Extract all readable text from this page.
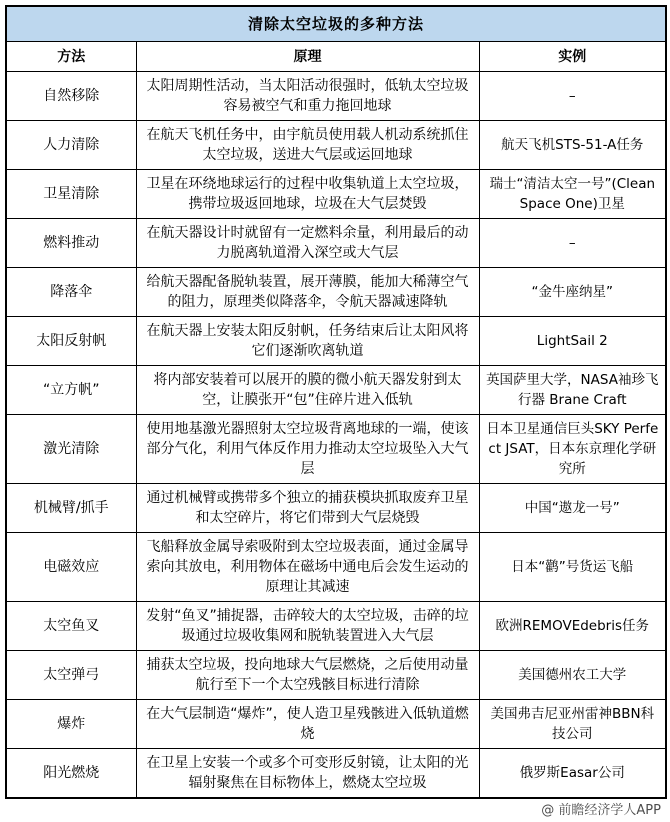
清除太空垃圾的多种方法		
方法	原理	实例
自然移除	太阳周期性活动，当太阳活动很强时，低轨太空垃圾容易被空气和重力拖回地球	–
人力清除	在航天飞机任务中，由宇航员使用载人机动系统抓住太空垃圾，送进大气层或运回地球	航天飞机STS-51-A任务
卫星清除	卫星在环绕地球运行的过程中收集轨道上太空垃圾，携带垃圾返回地球，垃圾在大气层焚毁	瑞士“清洁太空一号”(CleanSpace One)卫星
燃料推动	在航天器设计时就留有一定燃料余量，利用最后的动力脱离轨道滑入深空或大气层	–
降落伞	给航天器配备脱轨装置，展开薄膜，能加大稀薄空气的阻力，原理类似降落伞，令航天器减速降轨	“金牛座纳星”
太阳反射帆	在航天器上安装太阳反射帆，任务结束后让太阳风将它们逐渐吹离轨道	LightSail 2
“立方帆”	将内部安装着可以展开的膜的微小航天器发射到太空，让膜张开“包”住碎片进入低轨	英国萨里大学，NASA袖珍飞行器 Brane Craft
激光清除	使用地基激光器照射太空垃圾背离地球的一端，使该部分气化，利用气体反作用力推动太空垃圾坠入大气层	日本卫星通信巨头SKY Perfect JSAT，日本东京理化学研究所
机械臂/抓手	通过机械臂或携带多个独立的捕获模块抓取废弃卫星和太空碎片，将它们带到大气层烧毁	中国“遨龙一号”
电磁效应	飞船释放金属导索吸附到太空垃圾表面，通过金属导索向其放电，利用物体在磁场中通电后会发生运动的原理让其减速	日本“鹳”号货运飞船
太空鱼叉	发射“鱼叉”捕捉器，击碎较大的太空垃圾，击碎的垃圾通过垃圾收集网和脱轨装置进入大气层	欧洲REMOVEdebris任务
太空弹弓	捕获太空垃圾，投向地球大气层燃烧，之后使用动量航行至下一个太空残骸目标进行清除	美国德州农工大学
爆炸	在大气层制造“爆炸”，使人造卫星残骸进入低轨道燃烧	美国弗吉尼亚州雷神BBN科技公司
阳光燃烧	在卫星上安装一个或多个可变形反射镜，让太阳的光辐射聚焦在目标物体上，燃烧太空垃圾	俄罗斯Easar公司
@ 前瞻经济学人APP
